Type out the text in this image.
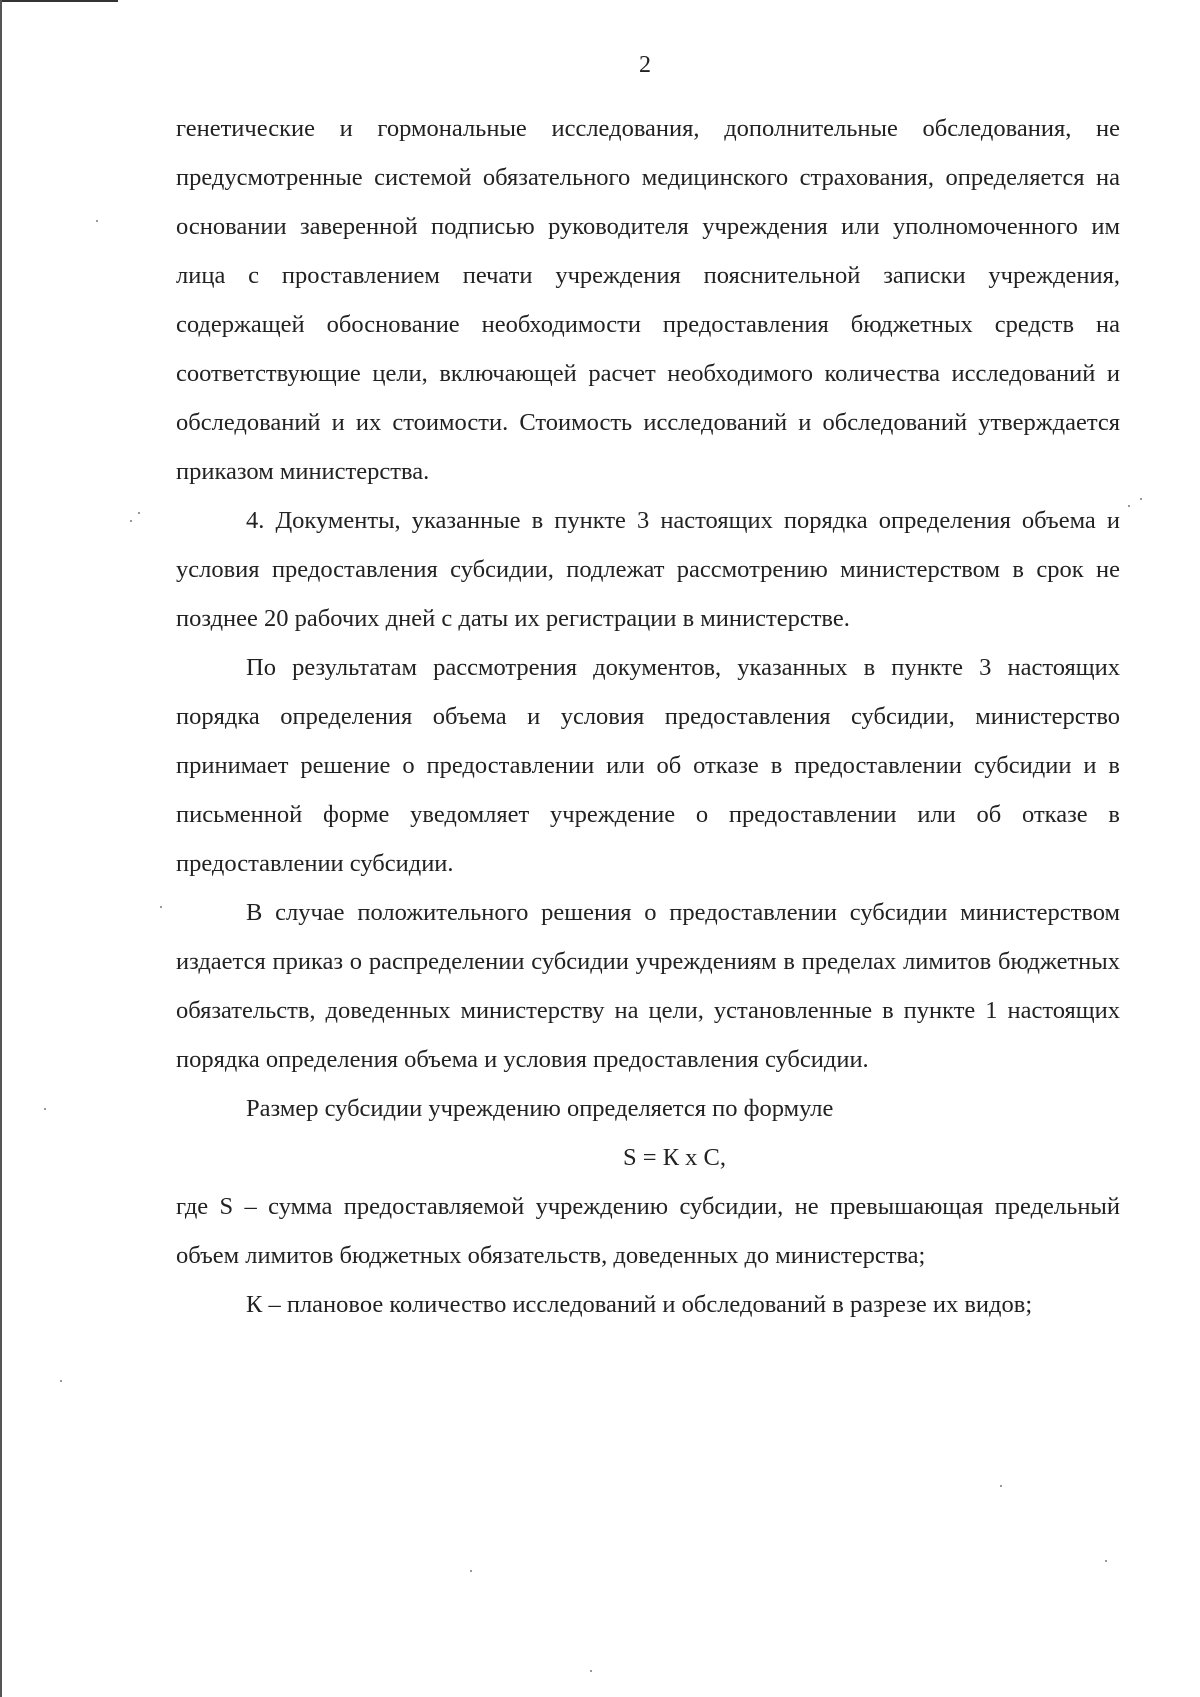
2

генетические и гормональные исследования, дополнительные обследования, не предусмотренные системой обязательного медицинского страхования, определяется на основании заверенной подписью руководителя учреждения или уполномоченного им лица с проставлением печати учреждения пояснительной записки учреждения, содержащей обоснование необходимости предоставления бюджетных средств на соответствующие цели, включающей расчет необходимого количества исследований и обследований и их стоимости. Стоимость исследований и обследований утверждается приказом министерства.

4. Документы, указанные в пункте 3 настоящих порядка определения объема и условия предоставления субсидии, подлежат рассмотрению министерством в срок не позднее 20 рабочих дней с даты их регистрации в министерстве.

По результатам рассмотрения документов, указанных в пункте 3 настоящих порядка определения объема и условия предоставления субсидии, министерство принимает решение о предоставлении или об отказе в предоставлении субсидии и в письменной форме уведомляет учреждение о предоставлении или об отказе в предоставлении субсидии.

В случае положительного решения о предоставлении субсидии министерством издается приказ о распределении субсидии учреждениям в пределах лимитов бюджетных обязательств, доведенных министерству на цели, установленные в пункте 1 настоящих порядка определения объема и условия предоставления субсидии.

Размер субсидии учреждению определяется по формуле

S = К х С,

где S – сумма предоставляемой учреждению субсидии, не превышающая предельный объем лимитов бюджетных обязательств, доведенных до министерства;

К – плановое количество исследований и обследований в разрезе их видов;
